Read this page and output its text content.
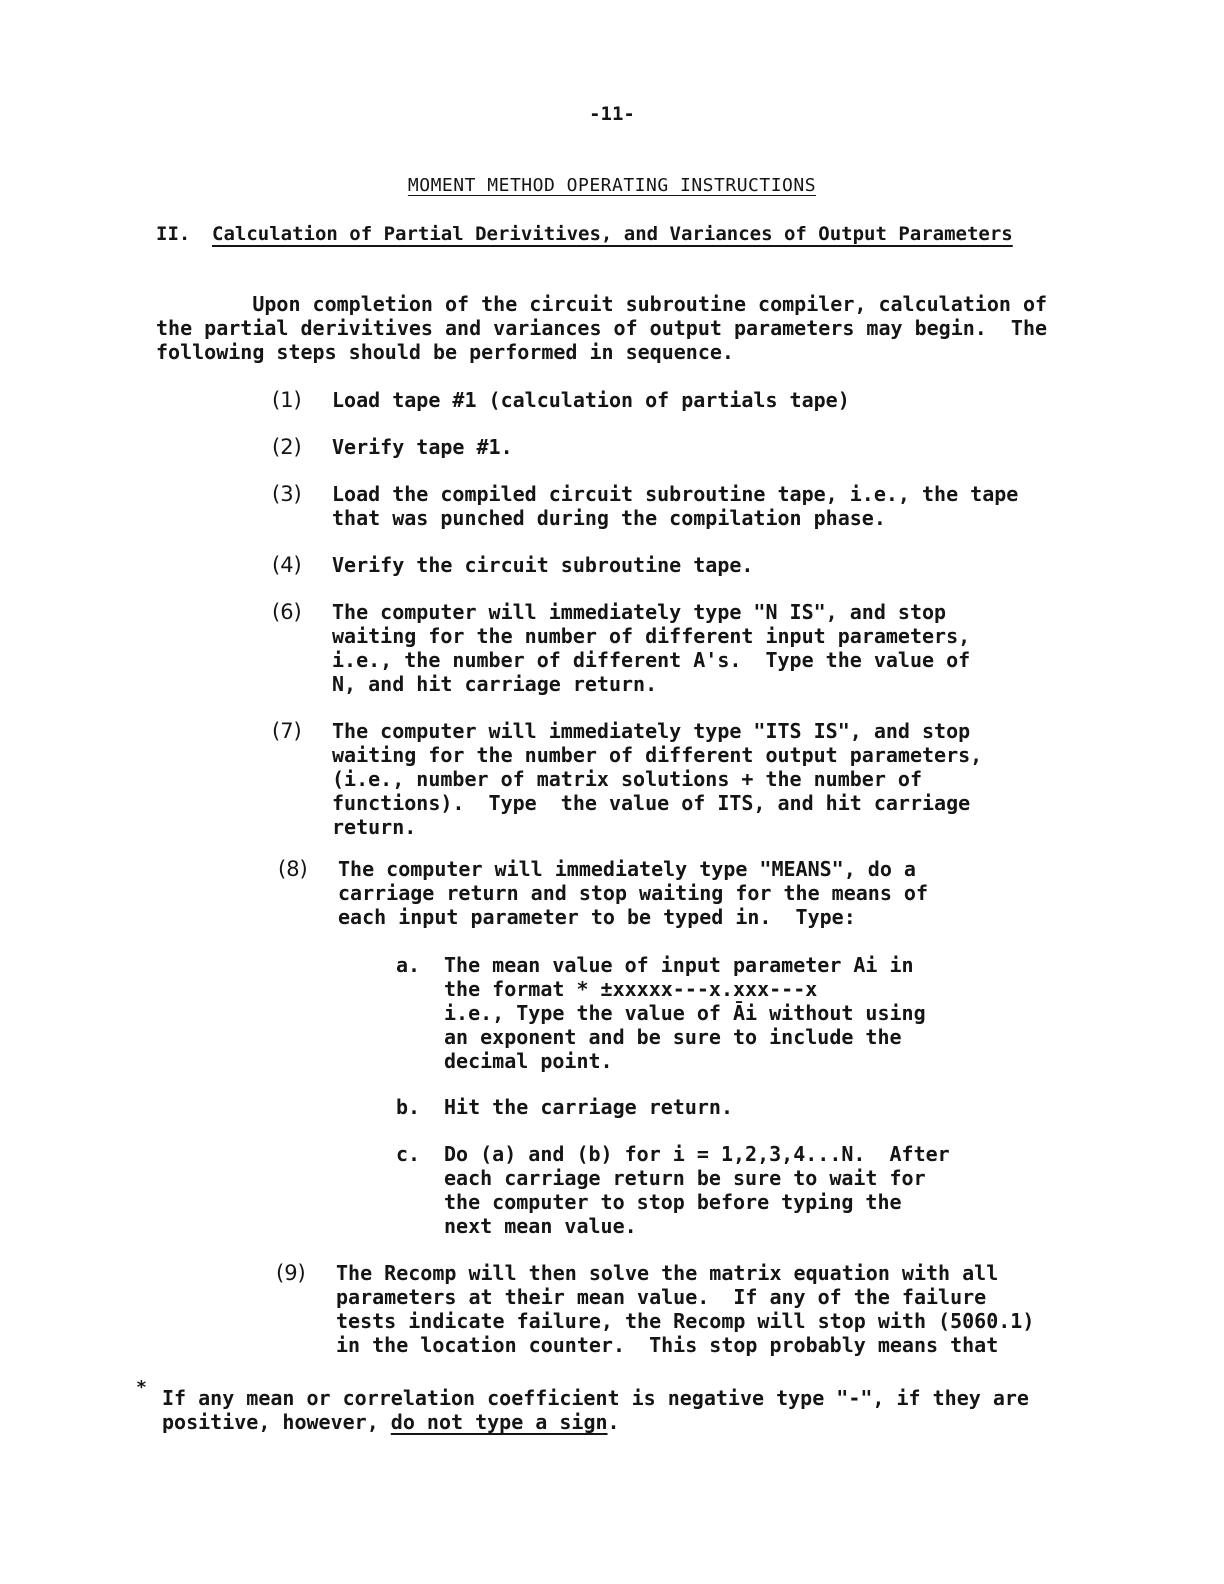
-11-
MOMENT METHOD OPERATING INSTRUCTIONS
II. Calculation of Partial Derivitives, and Variances of Output Parameters
Upon completion of the circuit subroutine compiler, calculation of
the partial derivitives and variances of output parameters may begin.  The
following steps should be performed in sequence.

(1)

Load tape #1 (calculation of partials tape)

(2)

Verify tape #1.

(3)

Load the compiled circuit subroutine tape, i.e., the tape
that was punched during the compilation phase.

(4)

Verify the circuit subroutine tape.

(6)

The computer will immediately type "N IS", and stop
waiting for the number of different input parameters,
i.e., the number of different A's.  Type the value of
N, and hit carriage return.

(7)

The computer will immediately type "ITS IS", and stop
waiting for the number of different output parameters,
(i.e., number of matrix solutions + the number of
functions).  Type  the value of ITS, and hit carriage
return.

(8)

The computer will immediately type "MEANS", do a
carriage return and stop waiting for the means of
each input parameter to be typed in.  Type:

a.

The mean value of input parameter Ai in
the format * ±xxxxx---x.xxx---x
i.e., Type the value of Āi without using
an exponent and be sure to include the
decimal point.

b.

Hit the carriage return.

c.

Do (a) and (b) for i = 1,2,3,4...N.  After
each carriage return be sure to wait for
the computer to stop before typing the
next mean value.

(9)

The Recomp will then solve the matrix equation with all
parameters at their mean value.  If any of the failure
tests indicate failure, the Recomp will stop with (5060.1)
in the location counter.  This stop probably means that

*

If any mean or correlation coefficient is negative type "-", if they are
positive, however, do not type a sign.
